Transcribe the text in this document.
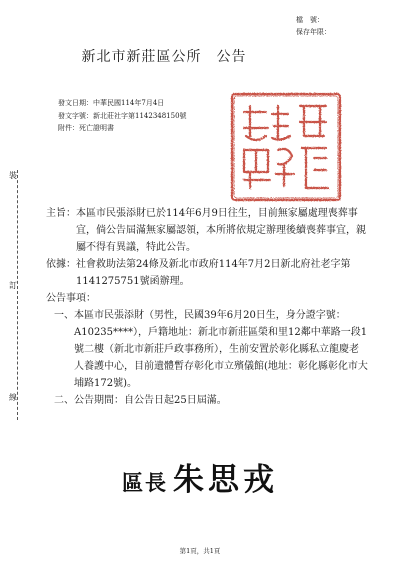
檔　號：
保存年限：
新北市新莊區公所　公告
發文日期：中華民國114年7月4日
發文字號：新北莊社字第1142348150號
附件：死亡證明書
裝
訂
線
主旨： 本區市民張添財已於114年6月9日往生，目前無家屬處理喪葬事宜，倘公告屆滿無家屬認領，本所將依規定辦理後續喪葬事宜，親屬不得有異議，特此公告。
依據： 社會救助法第24條及新北市政府114年7月2日新北府社老字第1141275751號函辦理。
公告事項：
一、 本區市民張添財（男性，民國39年6月20日生，身分證字號：A10235****），戶籍地址：新北市新莊區榮和里12鄰中華路一段1號二樓（新北市新莊戶政事務所），生前安置於彰化縣私立龍慶老人養護中心，目前遺體暫存彰化市立殯儀館(地址：彰化縣彰化市大埔路172號)。
二、 公告期間：自公告日起25日屆滿。
區長 朱思戎
第1頁，共1頁
